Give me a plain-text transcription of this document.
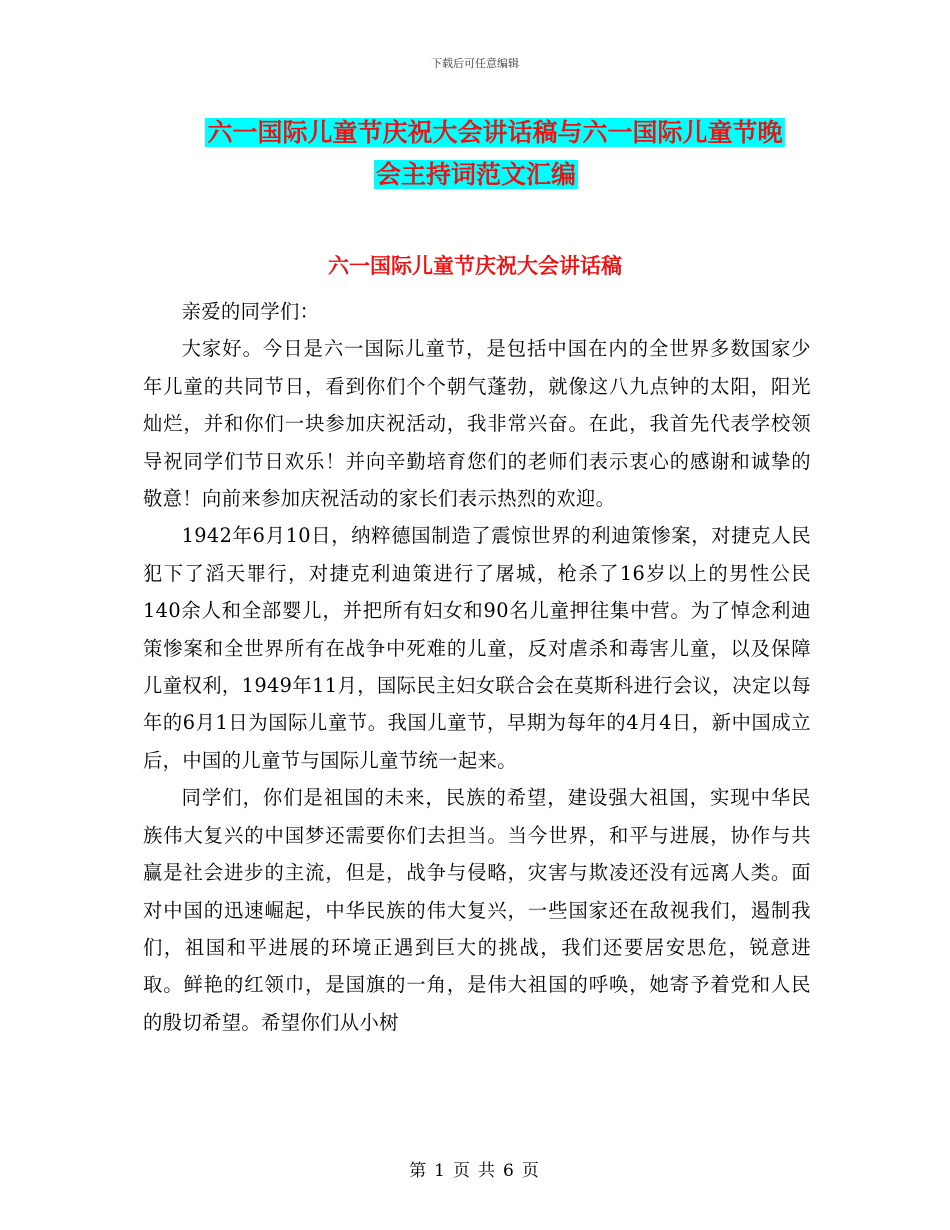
下载后可任意编辑
六一国际儿童节庆祝大会讲话稿与六一国际儿童节晚
会主持词范文汇编
六一国际儿童节庆祝大会讲话稿

亲爱的同学们：

大家好。今日是六一国际儿童节，是包括中国在内的全世界多数国家少年儿童的共同节日，看到你们个个朝气蓬勃，就像这八九点钟的太阳，阳光灿烂，并和你们一块参加庆祝活动，我非常兴奋。在此，我首先代表学校领导祝同学们节日欢乐！并向辛勤培育您们的老师们表示衷心的感谢和诚挚的敬意！向前来参加庆祝活动的家长们表示热烈的欢迎。

1942年6月10日，纳粹德国制造了震惊世界的利迪策惨案，对捷克人民犯下了滔天罪行，对捷克利迪策进行了屠城，枪杀了16岁以上的男性公民140余人和全部婴儿，并把所有妇女和90名儿童押往集中营。为了悼念利迪策惨案和全世界所有在战争中死难的儿童，反对虐杀和毒害儿童，以及保障儿童权利，1949年11月，国际民主妇女联合会在莫斯科进行会议，决定以每年的6月1日为国际儿童节。我国儿童节，早期为每年的4月4日，新中国成立后，中国的儿童节与国际儿童节统一起来。

同学们，你们是祖国的未来，民族的希望，建设强大祖国，实现中华民族伟大复兴的中国梦还需要你们去担当。当今世界，和平与进展，协作与共赢是社会进步的主流，但是，战争与侵略，灾害与欺凌还没有远离人类。面对中国的迅速崛起，中华民族的伟大复兴，一些国家还在敌视我们，遏制我们，祖国和平进展的环境正遇到巨大的挑战，我们还要居安思危，锐意进取。鲜艳的红领巾，是国旗的一角，是伟大祖国的呼唤，她寄予着党和人民的殷切希望。希望你们从小树

第 1 页 共 6 页
